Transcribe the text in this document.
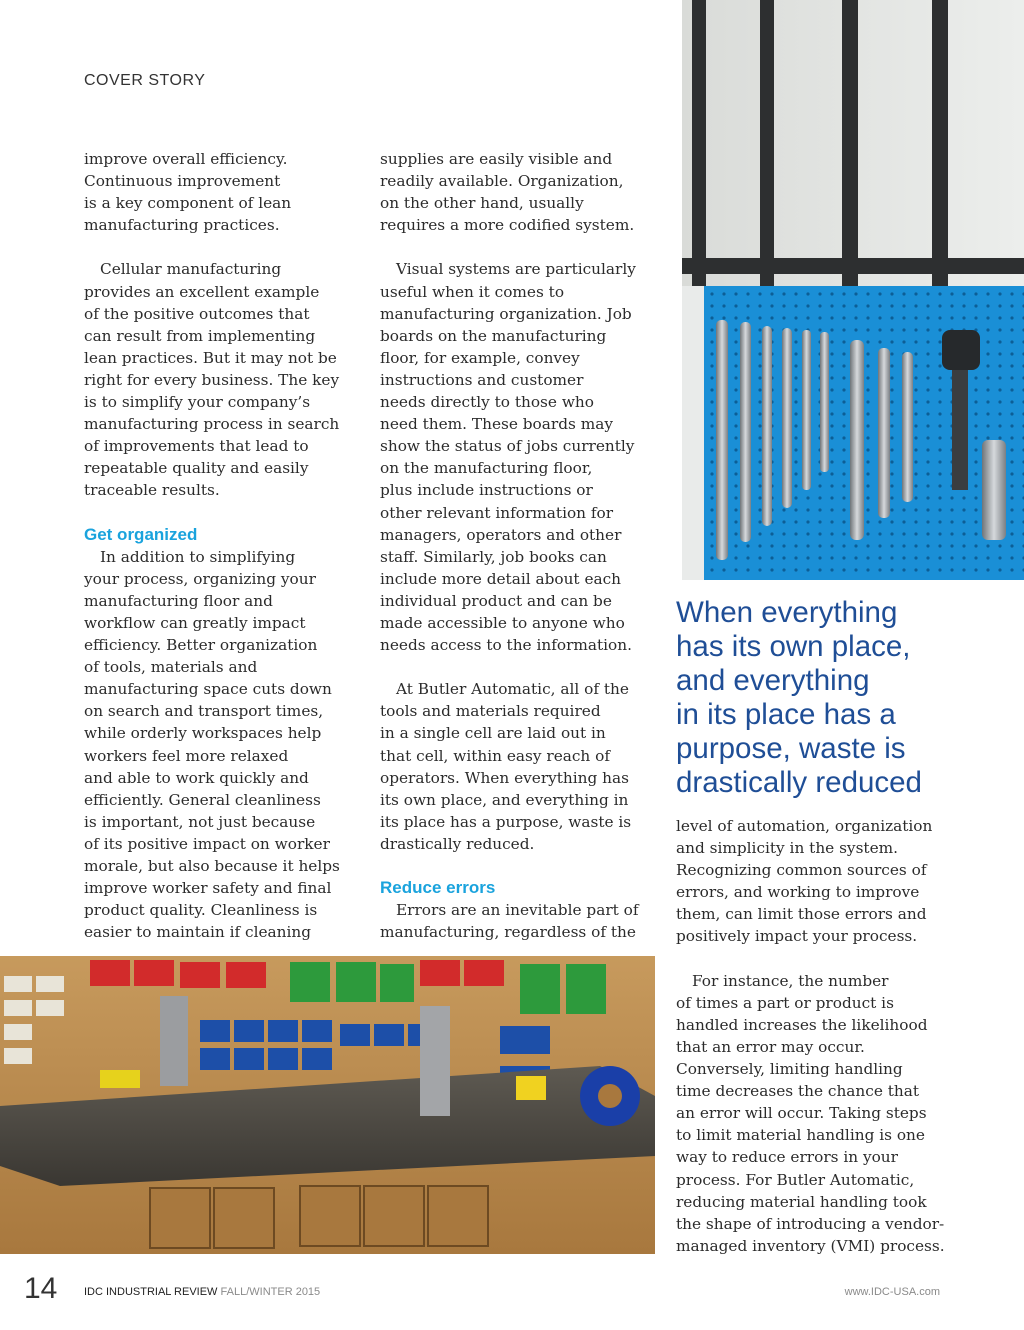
COVER STORY

improve overall efficiency.
Continuous improvement
is a key component of lean
manufacturing practices.

Cellular manufacturing
provides an excellent example
of the positive outcomes that
can result from implementing
lean practices. But it may not be
right for every business. The key
is to simplify your company’s
manufacturing process in search
of improvements that lead to
repeatable quality and easily
traceable results.

Get organized

In addition to simplifying
your process, organizing your
manufacturing floor and
workflow can greatly impact
efficiency. Better organization
of tools, materials and
manufacturing space cuts down
on search and transport times,
while orderly workspaces help
workers feel more relaxed
and able to work quickly and
efficiently. General cleanliness
is important, not just because
of its positive impact on worker
morale, but also because it helps
improve worker safety and final
product quality. Cleanliness is
easier to maintain if cleaning

supplies are easily visible and
readily available. Organization,
on the other hand, usually
requires a more codified system.

Visual systems are particularly
useful when it comes to
manufacturing organization. Job
boards on the manufacturing
floor, for example, convey
instructions and customer
needs directly to those who
need them. These boards may
show the status of jobs currently
on the manufacturing floor,
plus include instructions or
other relevant information for
managers, operators and other
staff. Similarly, job books can
include more detail about each
individual product and can be
made accessible to anyone who
needs access to the information.

At Butler Automatic, all of the
tools and materials required
in a single cell are laid out in
that cell, within easy reach of
operators. When everything has
its own place, and everything in
its place has a purpose, waste is
drastically reduced.

Reduce errors

Errors are an inevitable part of
manufacturing, regardless of the

When everything
has its own place,
and everything
in its place has a
purpose, waste is
drastically reduced

level of automation, organization
and simplicity in the system.
Recognizing common sources of
errors, and working to improve
them, can limit those errors and
positively impact your process.

For instance, the number
of times a part or product is
handled increases the likelihood
that an error may occur.
Conversely, limiting handling
time decreases the chance that
an error will occur. Taking steps
to limit material handling is one
way to reduce errors in your
process. For Butler Automatic,
reducing material handling took
the shape of introducing a vendor-
managed inventory (VMI) process.

14 IDC INDUSTRIAL REVIEW FALL/WINTER 2015	www.IDC-USA.com
